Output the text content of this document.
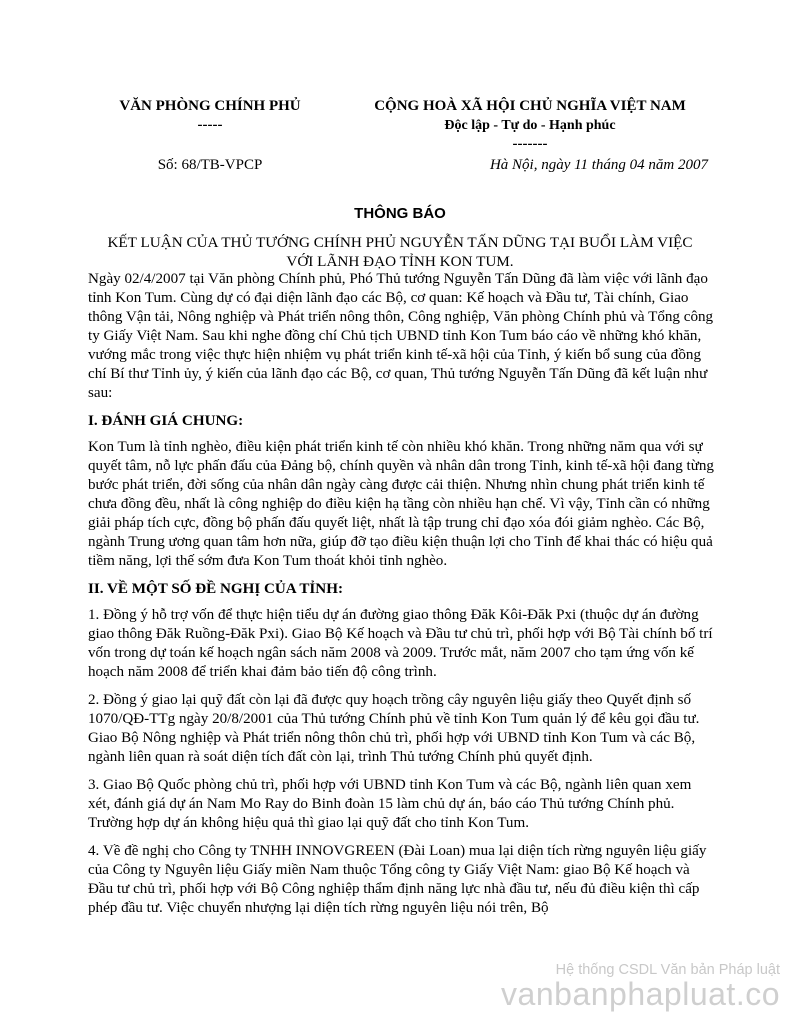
VĂN PHÒNG CHÍNH PHỦ
-----
CỘNG HOÀ XÃ HỘI CHỦ NGHĨA VIỆT NAM
Độc lập - Tự do - Hạnh phúc
-------
Số: 68/TB-VPCP	Hà Nội, ngày 11 tháng 04 năm 2007
THÔNG BÁO
KẾT LUẬN CỦA THỦ TƯỚNG CHÍNH PHỦ NGUYỄN TẤN DŨNG TẠI BUỔI LÀM VIỆC
VỚI LÃNH ĐẠO TỈNH KON TUM.

Ngày 02/4/2007 tại Văn phòng Chính phủ, Phó Thủ tướng Nguyễn Tấn Dũng đã làm việc với lãnh đạo tỉnh Kon Tum. Cùng dự có đại diện lãnh đạo các Bộ, cơ quan: Kế hoạch và Đầu tư, Tài chính, Giao thông Vận tải, Nông nghiệp và Phát triển nông thôn, Công nghiệp, Văn phòng Chính phủ và Tổng công ty Giấy Việt Nam. Sau khi nghe đồng chí Chủ tịch UBND tỉnh Kon Tum báo cáo về những khó khăn, vướng mắc trong việc thực hiện nhiệm vụ phát triển kinh tế-xã hội của Tỉnh, ý kiến bổ sung của đồng chí Bí thư Tỉnh ủy, ý kiến của lãnh đạo các Bộ, cơ quan, Thủ tướng Nguyễn Tấn Dũng đã kết luận như sau:

I. ĐÁNH GIÁ CHUNG:

Kon Tum là tỉnh nghèo, điều kiện phát triển kinh tế còn nhiều khó khăn. Trong những năm qua với sự quyết tâm, nỗ lực phấn đấu của Đảng bộ, chính quyền và nhân dân trong Tỉnh, kinh tế-xã hội đang từng bước phát triển, đời sống của nhân dân ngày càng được cải thiện. Nhưng nhìn chung phát triển kinh tế chưa đồng đều, nhất là công nghiệp do điều kiện hạ tầng còn nhiều hạn chế. Vì vậy, Tỉnh cần có những giải pháp tích cực, đồng bộ phấn đấu quyết liệt, nhất là tập trung chỉ đạo xóa đói giảm nghèo. Các Bộ, ngành Trung ương quan tâm hơn nữa, giúp đỡ tạo điều kiện thuận lợi cho Tỉnh để khai thác có hiệu quả tiềm năng, lợi thế sớm đưa Kon Tum thoát khỏi tỉnh nghèo.

II. VỀ MỘT SỐ ĐỀ NGHỊ CỦA TỈNH:

1. Đồng ý hỗ trợ vốn để thực hiện tiểu dự án đường giao thông Đăk Kôi-Đăk Pxi (thuộc dự án đường giao thông Đăk Ruồng-Đăk Pxi). Giao Bộ Kế hoạch và Đầu tư chủ trì, phối hợp với Bộ Tài chính bố trí vốn trong dự toán kế hoạch ngân sách năm 2008 và 2009. Trước mắt, năm 2007 cho tạm ứng vốn kế hoạch năm 2008 để triển khai đảm bảo tiến độ công trình.

2. Đồng ý giao lại quỹ đất còn lại đã được quy hoạch trồng cây nguyên liệu giấy theo Quyết định số 1070/QĐ-TTg ngày 20/8/2001 của Thủ tướng Chính phủ về tỉnh Kon Tum quản lý để kêu gọi đầu tư. Giao Bộ Nông nghiệp và Phát triển nông thôn chủ trì, phối hợp với UBND tỉnh Kon Tum và các Bộ, ngành liên quan rà soát diện tích đất còn lại, trình Thủ tướng Chính phủ quyết định.

3. Giao Bộ Quốc phòng chủ trì, phối hợp với UBND tỉnh Kon Tum và các Bộ, ngành liên quan xem xét, đánh giá dự án Nam Mo Ray do Binh đoàn 15 làm chủ dự án, báo cáo Thủ tướng Chính phủ. Trường hợp dự án không hiệu quả thì giao lại quỹ đất cho tỉnh Kon Tum.

4. Về đề nghị cho Công ty TNHH INNOVGREEN (Đài Loan) mua lại diện tích rừng nguyên liệu giấy của Công ty Nguyên liệu Giấy miền Nam thuộc Tổng công ty Giấy Việt Nam: giao Bộ Kế hoạch và Đầu tư chủ trì, phối hợp với Bộ Công nghiệp thẩm định năng lực nhà đầu tư, nếu đủ điều kiện thì cấp phép đầu tư. Việc chuyển nhượng lại diện tích rừng nguyên liệu nói trên, Bộ

Hệ thống CSDL Văn bản Pháp luật
vanbanphapluat.co
